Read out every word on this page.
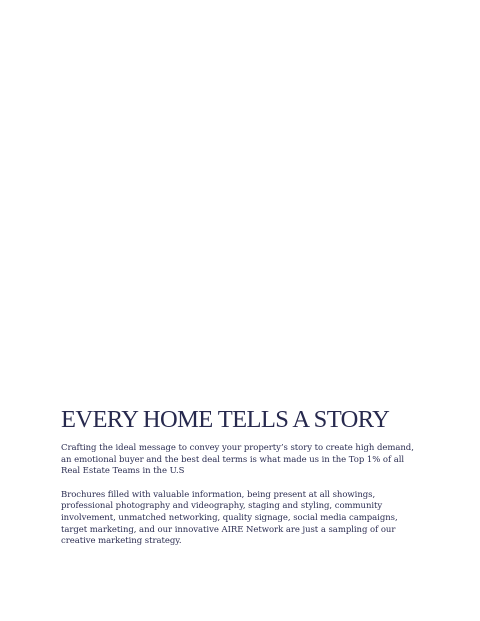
EVERY HOME TELLS A STORY

Crafting the ideal message to convey your property’s story to create high demand, an emotional buyer and the best deal terms is what made us in the Top 1% of all Real Estate Teams in the U.S

Brochures filled with valuable information, being present at all showings, professional photography and videography, staging and styling, community involvement, unmatched networking, quality signage, social media campaigns, target marketing, and our innovative AIRE Network are just a sampling of our creative marketing strategy.
